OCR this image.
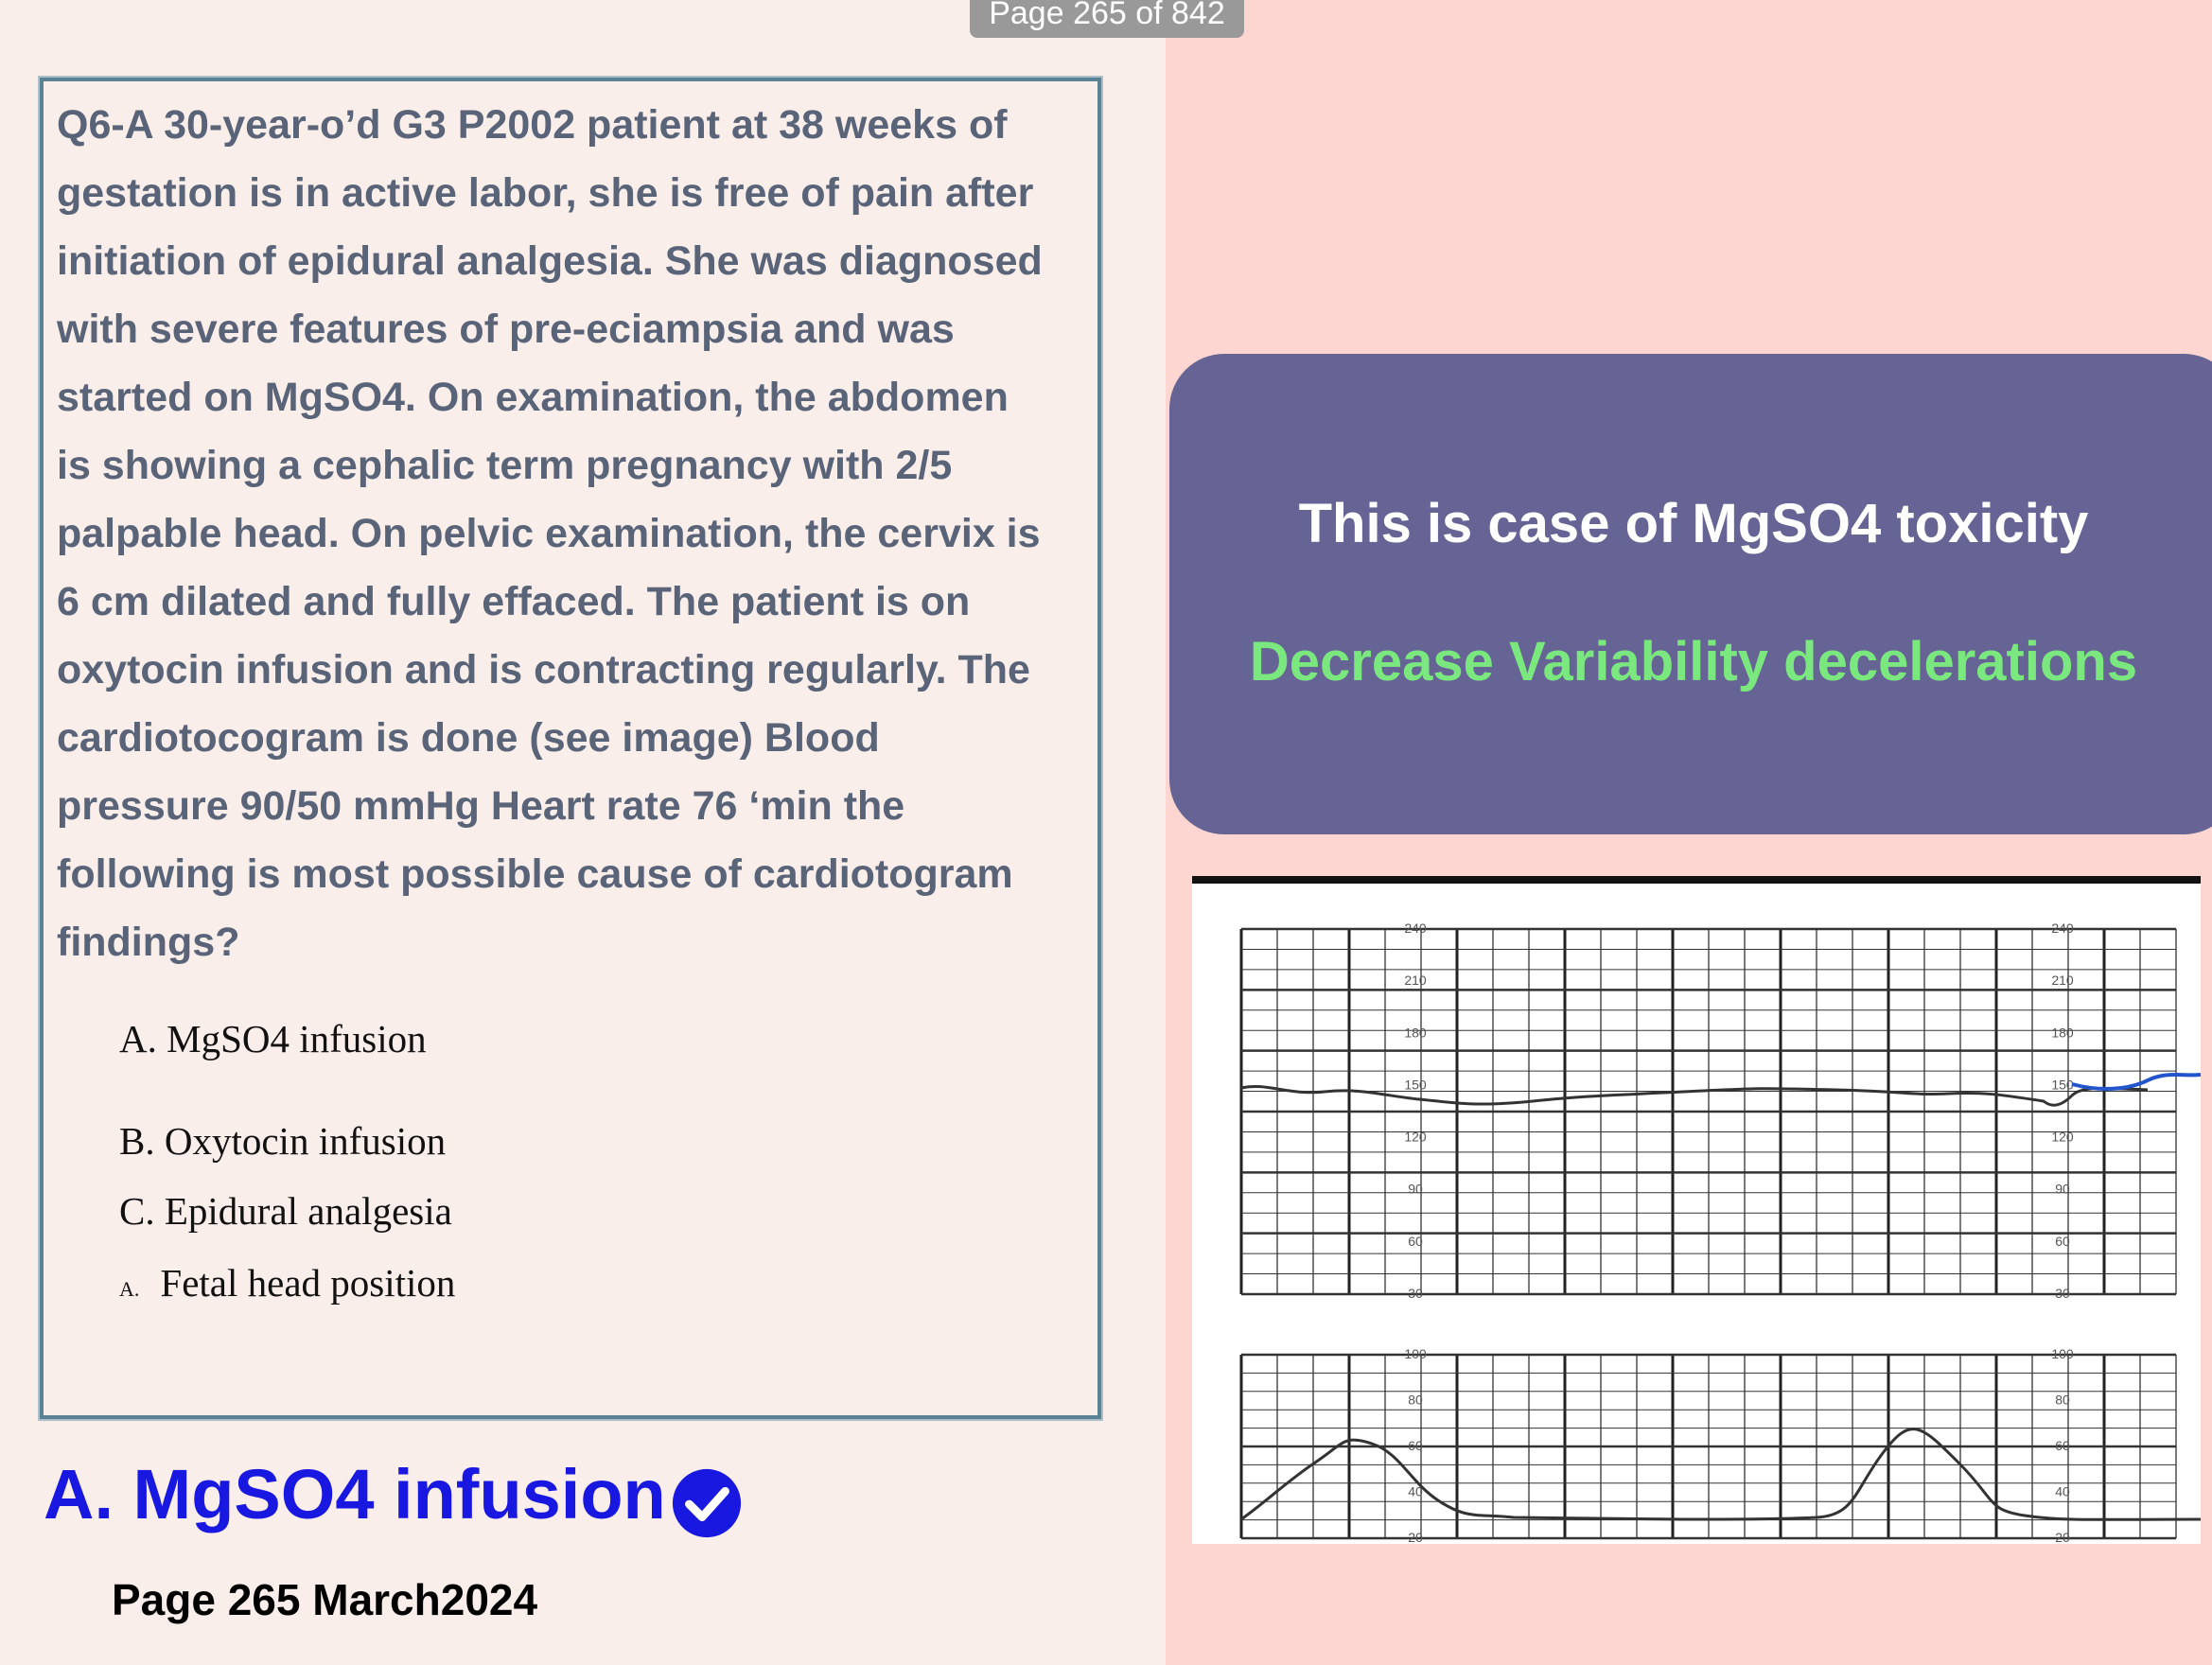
Page 265 of 842
Q6-A 30-year-o’d G3 P2002 patient at 38 weeks of
gestation is in active labor, she is free of pain after
initiation of epidural analgesia. She was diagnosed
with severe features of pre-eciampsia and was
started on MgSO4. On examination, the abdomen
is showing a cephalic term pregnancy with 2/5
palpable head. On pelvic examination, the cervix is
6 cm dilated and fully effaced. The patient is on
oxytocin infusion and is contracting regularly. The
cardiotocogram is done (see image) Blood
pressure 90/50 mmHg Heart rate 76 ‘min the
following is most possible cause of cardiotogram
findings?
A. MgSO4 infusion
B. Oxytocin infusion
C. Epidural analgesia
A. Fetal head position
A. MgSO4 infusion
Page 265 March2024
This is case of MgSO4 toxicity
Decrease Variability decelerations
240
210
180
150
120
90
60
30
100
80
60
40
20
240
210
180
150
120
90
60
30
100
80
60
40
20
